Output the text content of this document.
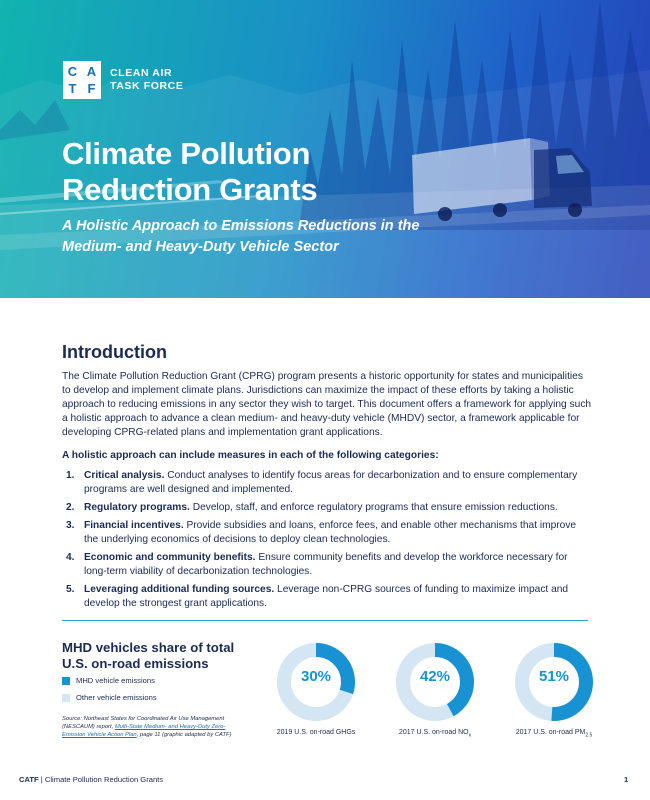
C A
T F
CLEAN AIR
TASK FORCE
Climate Pollution
Reduction Grants

A Holistic Approach to Emissions Reductions in the Medium- and Heavy-Duty Vehicle Sector

Introduction

The Climate Pollution Reduction Grant (CPRG) program presents a historic opportunity for states and municipalities to develop and implement climate plans. Jurisdictions can maximize the impact of these efforts by taking a holistic approach to reducing emissions in any sector they wish to target. This document offers a framework for applying such a holistic approach to advance a clean medium- and heavy-duty vehicle (MHDV) sector, a framework applicable for developing CPRG-related plans and implementation grant applications.

A holistic approach can include measures in each of the following categories:

1. Critical analysis. Conduct analyses to identify focus areas for decarbonization and to ensure complementary programs are well designed and implemented.
2. Regulatory programs. Develop, staff, and enforce regulatory programs that ensure emission reductions.
3. Financial incentives. Provide subsidies and loans, enforce fees, and enable other mechanisms that improve the underlying economics of decisions to deploy clean technologies.
4. Economic and community benefits. Ensure community benefits and develop the workforce necessary for long-term viability of decarbonization technologies.
5. Leveraging additional funding sources. Leverage non-CPRG sources of funding to maximize impact and develop the strongest grant applications.
MHD vehicles share of total U.S. on-road emissions
MHD vehicle emissions
Other vehicle emissions

Source: Northeast States for Coordinated Air Use Management (NESCAUM) report, Multi-State Medium- and Heavy-Duty Zero-Emission Vehicle Action Plan, page 11 (graphic adapted by CATF)

30%
2019 U.S. on-road GHGs
42%
2017 U.S. on-road $NO_x$
51%
2017 U.S. on-road $PM_{2.5}$
CATF | Climate Pollution Reduction Grants	1
